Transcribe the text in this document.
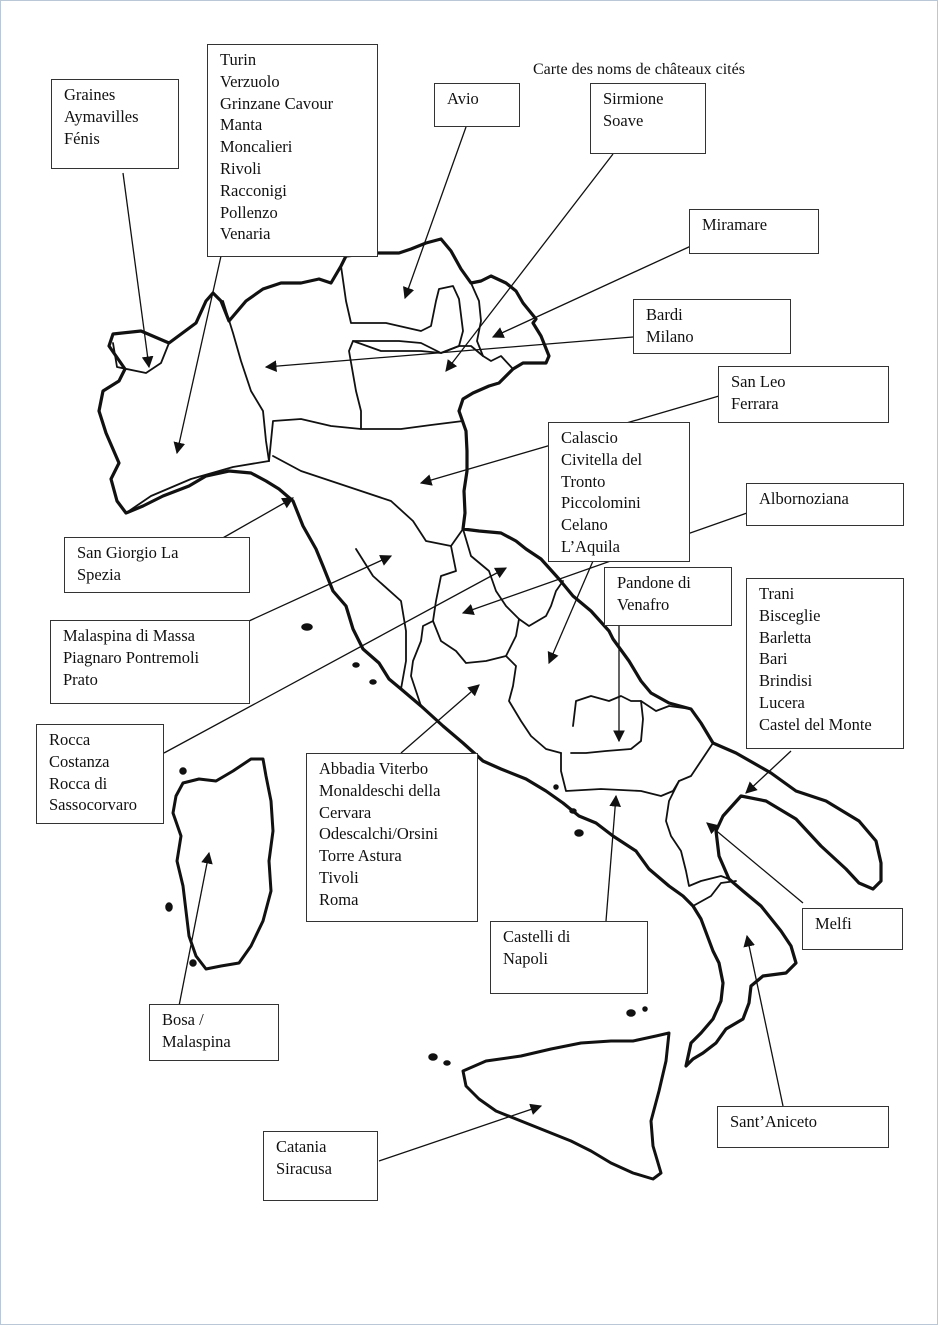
Carte des noms de châteaux cités
Graines
Aymavilles
Fénis
Turin
Verzuolo
Grinzane Cavour
Manta
Moncalieri
Rivoli
Racconigi
Pollenzo
Venaria
Avio	Sirmione
Soave
Miramare
Bardi
Milano
San Leo
Ferrara
Calascio
Civitella del
Tronto
Piccolomini
Celano
L’Aquila
Albornoziana
Pandone di
Venafro
Trani
Bisceglie
Barletta
Bari
Brindisi
Lucera
Castel del Monte
San Giorgio La
Spezia
Malaspina di Massa
Piagnaro Pontremoli
Prato
Rocca
Costanza
Rocca di
Sassocorvaro
Abbadia Viterbo
Monaldeschi della
Cervara
Odescalchi/Orsini
Torre Astura
Tivoli
Roma
Castelli di
Napoli
Melfi
Bosa /
Malaspina
Sant’Aniceto
Catania
Siracusa
